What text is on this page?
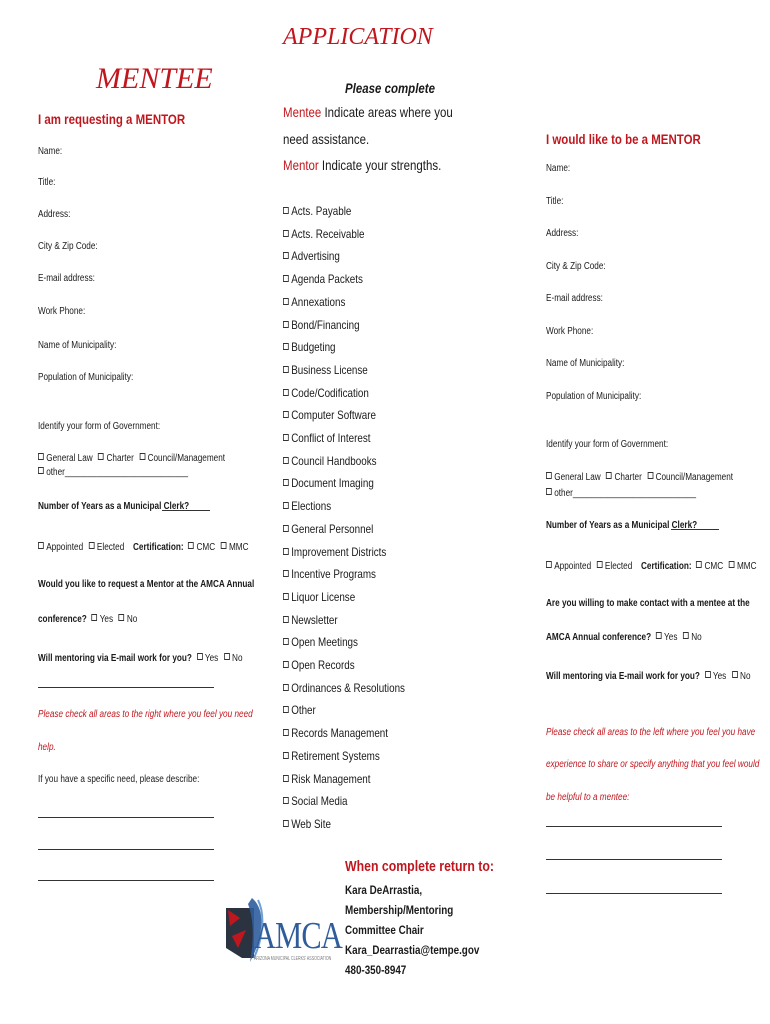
APPLICATION
Please complete
MENTEE
I am requesting a MENTOR
Name:
Title:
Address:
City & Zip Code:
E-mail address:
Work Phone:
Name of Municipality:
Population of Municipality:
Identify your form of Government:
General Law Charter Council/Management
other___________________________
Number of Years as a Municipal Clerk?
Appointed Elected Certification: CMC MMC
Would you like to request a Mentor at the AMCA Annual
conference? Yes No
Will mentoring via E-mail work for you? Yes No
Please check all areas to the right where you feel you need
help.
If you have a specific need, please describe:
Mentee Indicate areas where you
need assistance.
Mentor Indicate your strengths.
Acts. Payable
Acts. Receivable
Advertising
Agenda Packets
Annexations
Bond/Financing
Budgeting
Business License
Code/Codification
Computer Software
Conflict of Interest
Council Handbooks
Document Imaging
Elections
General Personnel
Improvement Districts
Incentive Programs
Liquor License
Newsletter
Open Meetings
Open Records
Ordinances & Resolutions
Other
Records Management
Retirement Systems
Risk Management
Social Media
Web Site
I would like to be a MENTOR
Name:
Title:
Address:
City & Zip Code:
E-mail address:
Work Phone:
Name of Municipality:
Population of Municipality:
Identify your form of Government:
General Law Charter Council/Management
other___________________________
Number of Years as a Municipal Clerk?
Appointed Elected Certification: CMC MMC
Are you willing to make contact with a mentee at the
AMCA Annual conference? Yes No
Will mentoring via E-mail work for you? Yes No
Please check all areas to the left where you feel you have
experience to share or specify anything that you feel would
be helpful to a mentee:
When complete return to:
Kara DeArrastia,
Membership/Mentoring
Committee Chair
Kara_Dearrastia@tempe.gov
480-350-8947
AMCA
ARIZONA MUNICIPAL CLERKS' ASSOCIATION
